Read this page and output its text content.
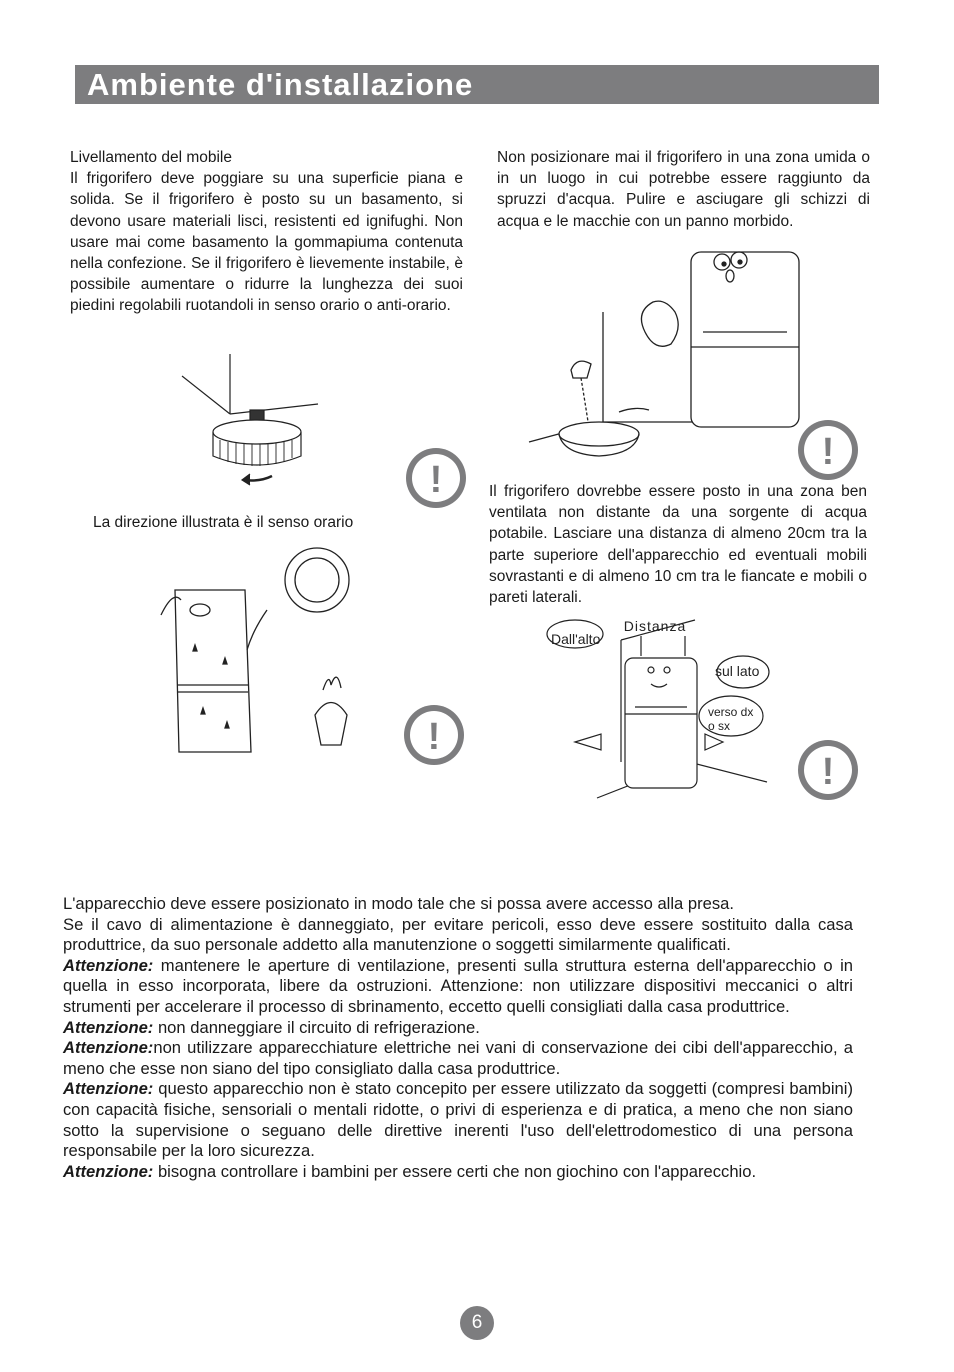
Ambiente d'installazione

Livellamento del mobile

Il frigorifero deve poggiare su una superficie piana e solida. Se il frigorifero è posto su un basamento, si devono usare materiali lisci, resistenti ed ignifughi. Non usare mai come basamento la gommapiuma contenuta nella confezione. Se il frigorifero è lievemente instabile, è possibile aumentare o ridurre la lunghezza dei suoi piedini regolabili ruotandoli in senso orario o anti-orario.

Non posizionare mai il frigorifero in una zona umida o in un luogo in cui potrebbe essere raggiunto da spruzzi d'acqua. Pulire e asciugare gli schizzi di acqua e le macchie con un panno morbido.

Il frigorifero dovrebbe essere posto in una zona ben ventilata non distante da una sorgente di acqua potabile. Lasciare una distanza di almeno 20cm tra la parte superiore dell'apparecchio ed eventuali mobili sovrastanti e di almeno 10 cm tra le fiancate e mobili o pareti laterali.

La direzione illustrata è il senso orario
Distanza
Dall'alto
sul lato
verso dx
o sx
!
!
!
!

L'apparecchio deve essere posizionato in modo tale che si possa avere accesso alla presa.

Se il cavo di alimentazione è danneggiato, per evitare pericoli, esso deve essere sostituito dalla casa produttrice, da suo personale addetto alla manutenzione o soggetti similarmente qualificati.

Attenzione: mantenere le aperture di ventilazione, presenti sulla struttura esterna dell'apparecchio o in quella in esso incorporata, libere da ostruzioni. Attenzione: non utilizzare dispositivi meccanici o altri strumenti per accelerare il processo di sbrinamento, eccetto quelli consigliati dalla casa produttrice.

Attenzione: non danneggiare il circuito di refrigerazione.

Attenzione:non utilizzare apparecchiature elettriche nei vani di conservazione dei cibi dell'apparecchio, a meno che esse non siano del tipo consigliato dalla casa produttrice.

Attenzione: questo apparecchio non è stato concepito per essere utilizzato da soggetti (compresi bambini) con capacità fisiche, sensoriali o mentali ridotte, o privi di esperienza e di pratica, a meno che non siano sotto la supervisione o seguano delle direttive inerenti l'uso dell'elettrodomestico di una persona responsabile per la loro sicurezza.

Attenzione: bisogna controllare i bambini per essere certi che non giochino con l'apparecchio.

6
